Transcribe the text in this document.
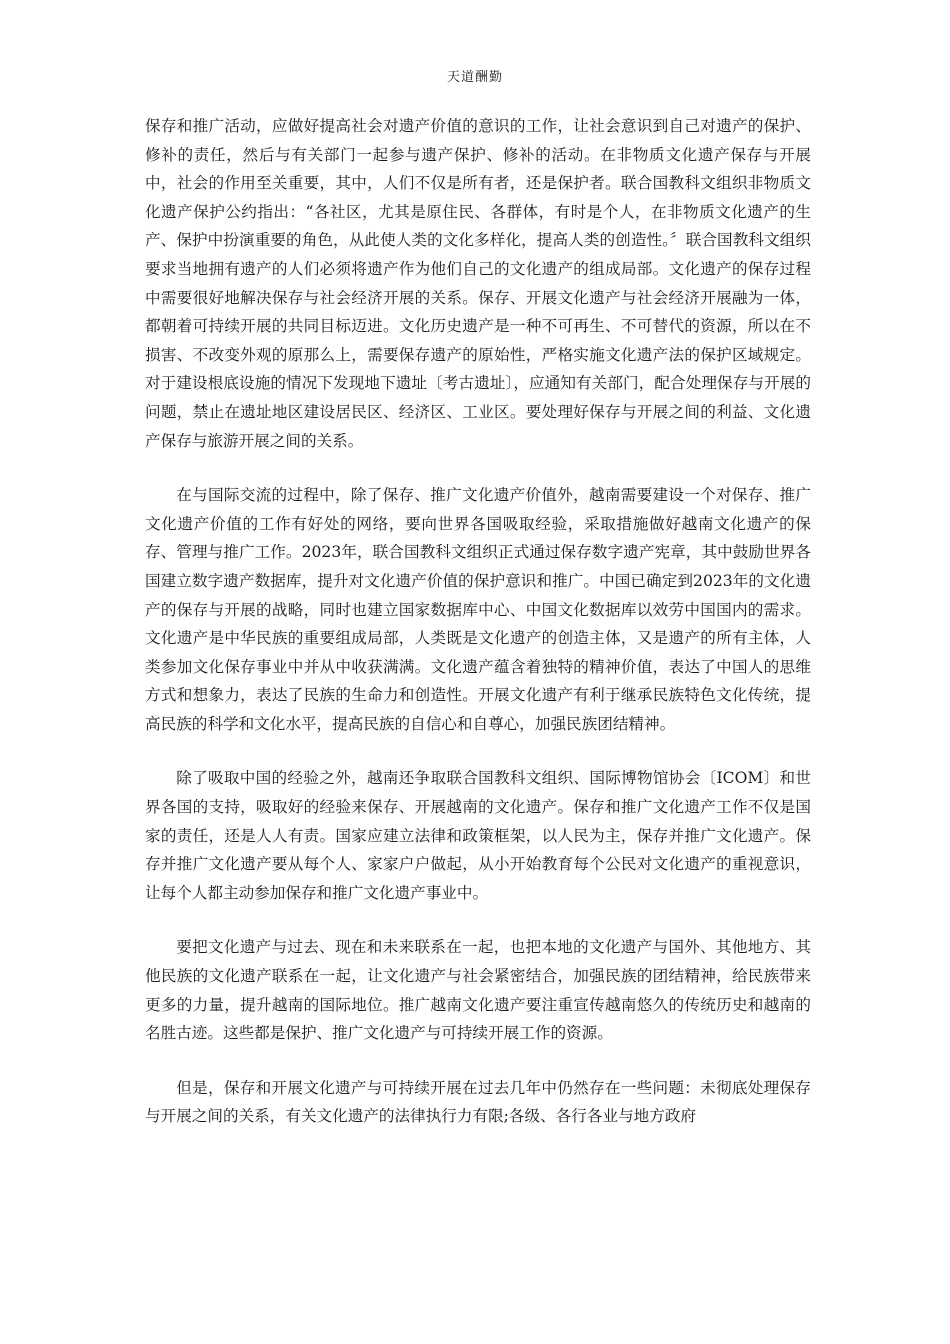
天道酬勤

保存和推广活动，应做好提高社会对遗产价值的意识的工作，让社会意识到自己对遗产的保护、修补的责任，然后与有关部门一起参与遗产保护、修补的活动。在非物质文化遗产保存与开展中，社会的作用至关重要，其中，人们不仅是所有者，还是保护者。联合国教科文组织非物质文化遗产保护公约指出：“各社区，尤其是原住民、各群体，有时是个人，在非物质文化遗产的生产、保护中扮演重要的角色，从此使人类的文化多样化，提高人类的创造性。〞联合国教科文组织要求当地拥有遗产的人们必须将遗产作为他们自己的文化遗产的组成局部。文化遗产的保存过程中需要很好地解决保存与社会经济开展的关系。保存、开展文化遗产与社会经济开展融为一体，都朝着可持续开展的共同目标迈进。文化历史遗产是一种不可再生、不可替代的资源，所以在不损害、不改变外观的原那么上，需要保存遗产的原始性，严格实施文化遗产法的保护区域规定。对于建设根底设施的情况下发现地下遗址〔考古遗址〕，应通知有关部门，配合处理保存与开展的问题，禁止在遗址地区建设居民区、经济区、工业区。要处理好保存与开展之间的利益、文化遗产保存与旅游开展之间的关系。

在与国际交流的过程中，除了保存、推广文化遗产价值外，越南需要建设一个对保存、推广文化遗产价值的工作有好处的网络，要向世界各国吸取经验，采取措施做好越南文化遗产的保存、管理与推广工作。2023年，联合国教科文组织正式通过保存数字遗产宪章，其中鼓励世界各国建立数字遗产数据库，提升对文化遗产价值的保护意识和推广。中国已确定到2023年的文化遗产的保存与开展的战略，同时也建立国家数据库中心、中国文化数据库以效劳中国国内的需求。文化遗产是中华民族的重要组成局部，人类既是文化遗产的创造主体，又是遗产的所有主体，人类参加文化保存事业中并从中收获满满。文化遗产蕴含着独特的精神价值，表达了中国人的思维方式和想象力，表达了民族的生命力和创造性。开展文化遗产有利于继承民族特色文化传统，提高民族的科学和文化水平，提高民族的自信心和自尊心，加强民族团结精神。

除了吸取中国的经验之外，越南还争取联合国教科文组织、国际博物馆协会〔ICOM〕和世界各国的支持，吸取好的经验来保存、开展越南的文化遗产。保存和推广文化遗产工作不仅是国家的责任，还是人人有责。国家应建立法律和政策框架，以人民为主，保存并推广文化遗产。保存并推广文化遗产要从每个人、家家户户做起，从小开始教育每个公民对文化遗产的重视意识，让每个人都主动参加保存和推广文化遗产事业中。

要把文化遗产与过去、现在和未来联系在一起，也把本地的文化遗产与国外、其他地方、其他民族的文化遗产联系在一起，让文化遗产与社会紧密结合，加强民族的团结精神，给民族带来更多的力量，提升越南的国际地位。推广越南文化遗产要注重宣传越南悠久的传统历史和越南的名胜古迹。这些都是保护、推广文化遗产与可持续开展工作的资源。

但是，保存和开展文化遗产与可持续开展在过去几年中仍然存在一些问题：未彻底处理保存与开展之间的关系，有关文化遗产的法律执行力有限;各级、各行各业与地方政府
